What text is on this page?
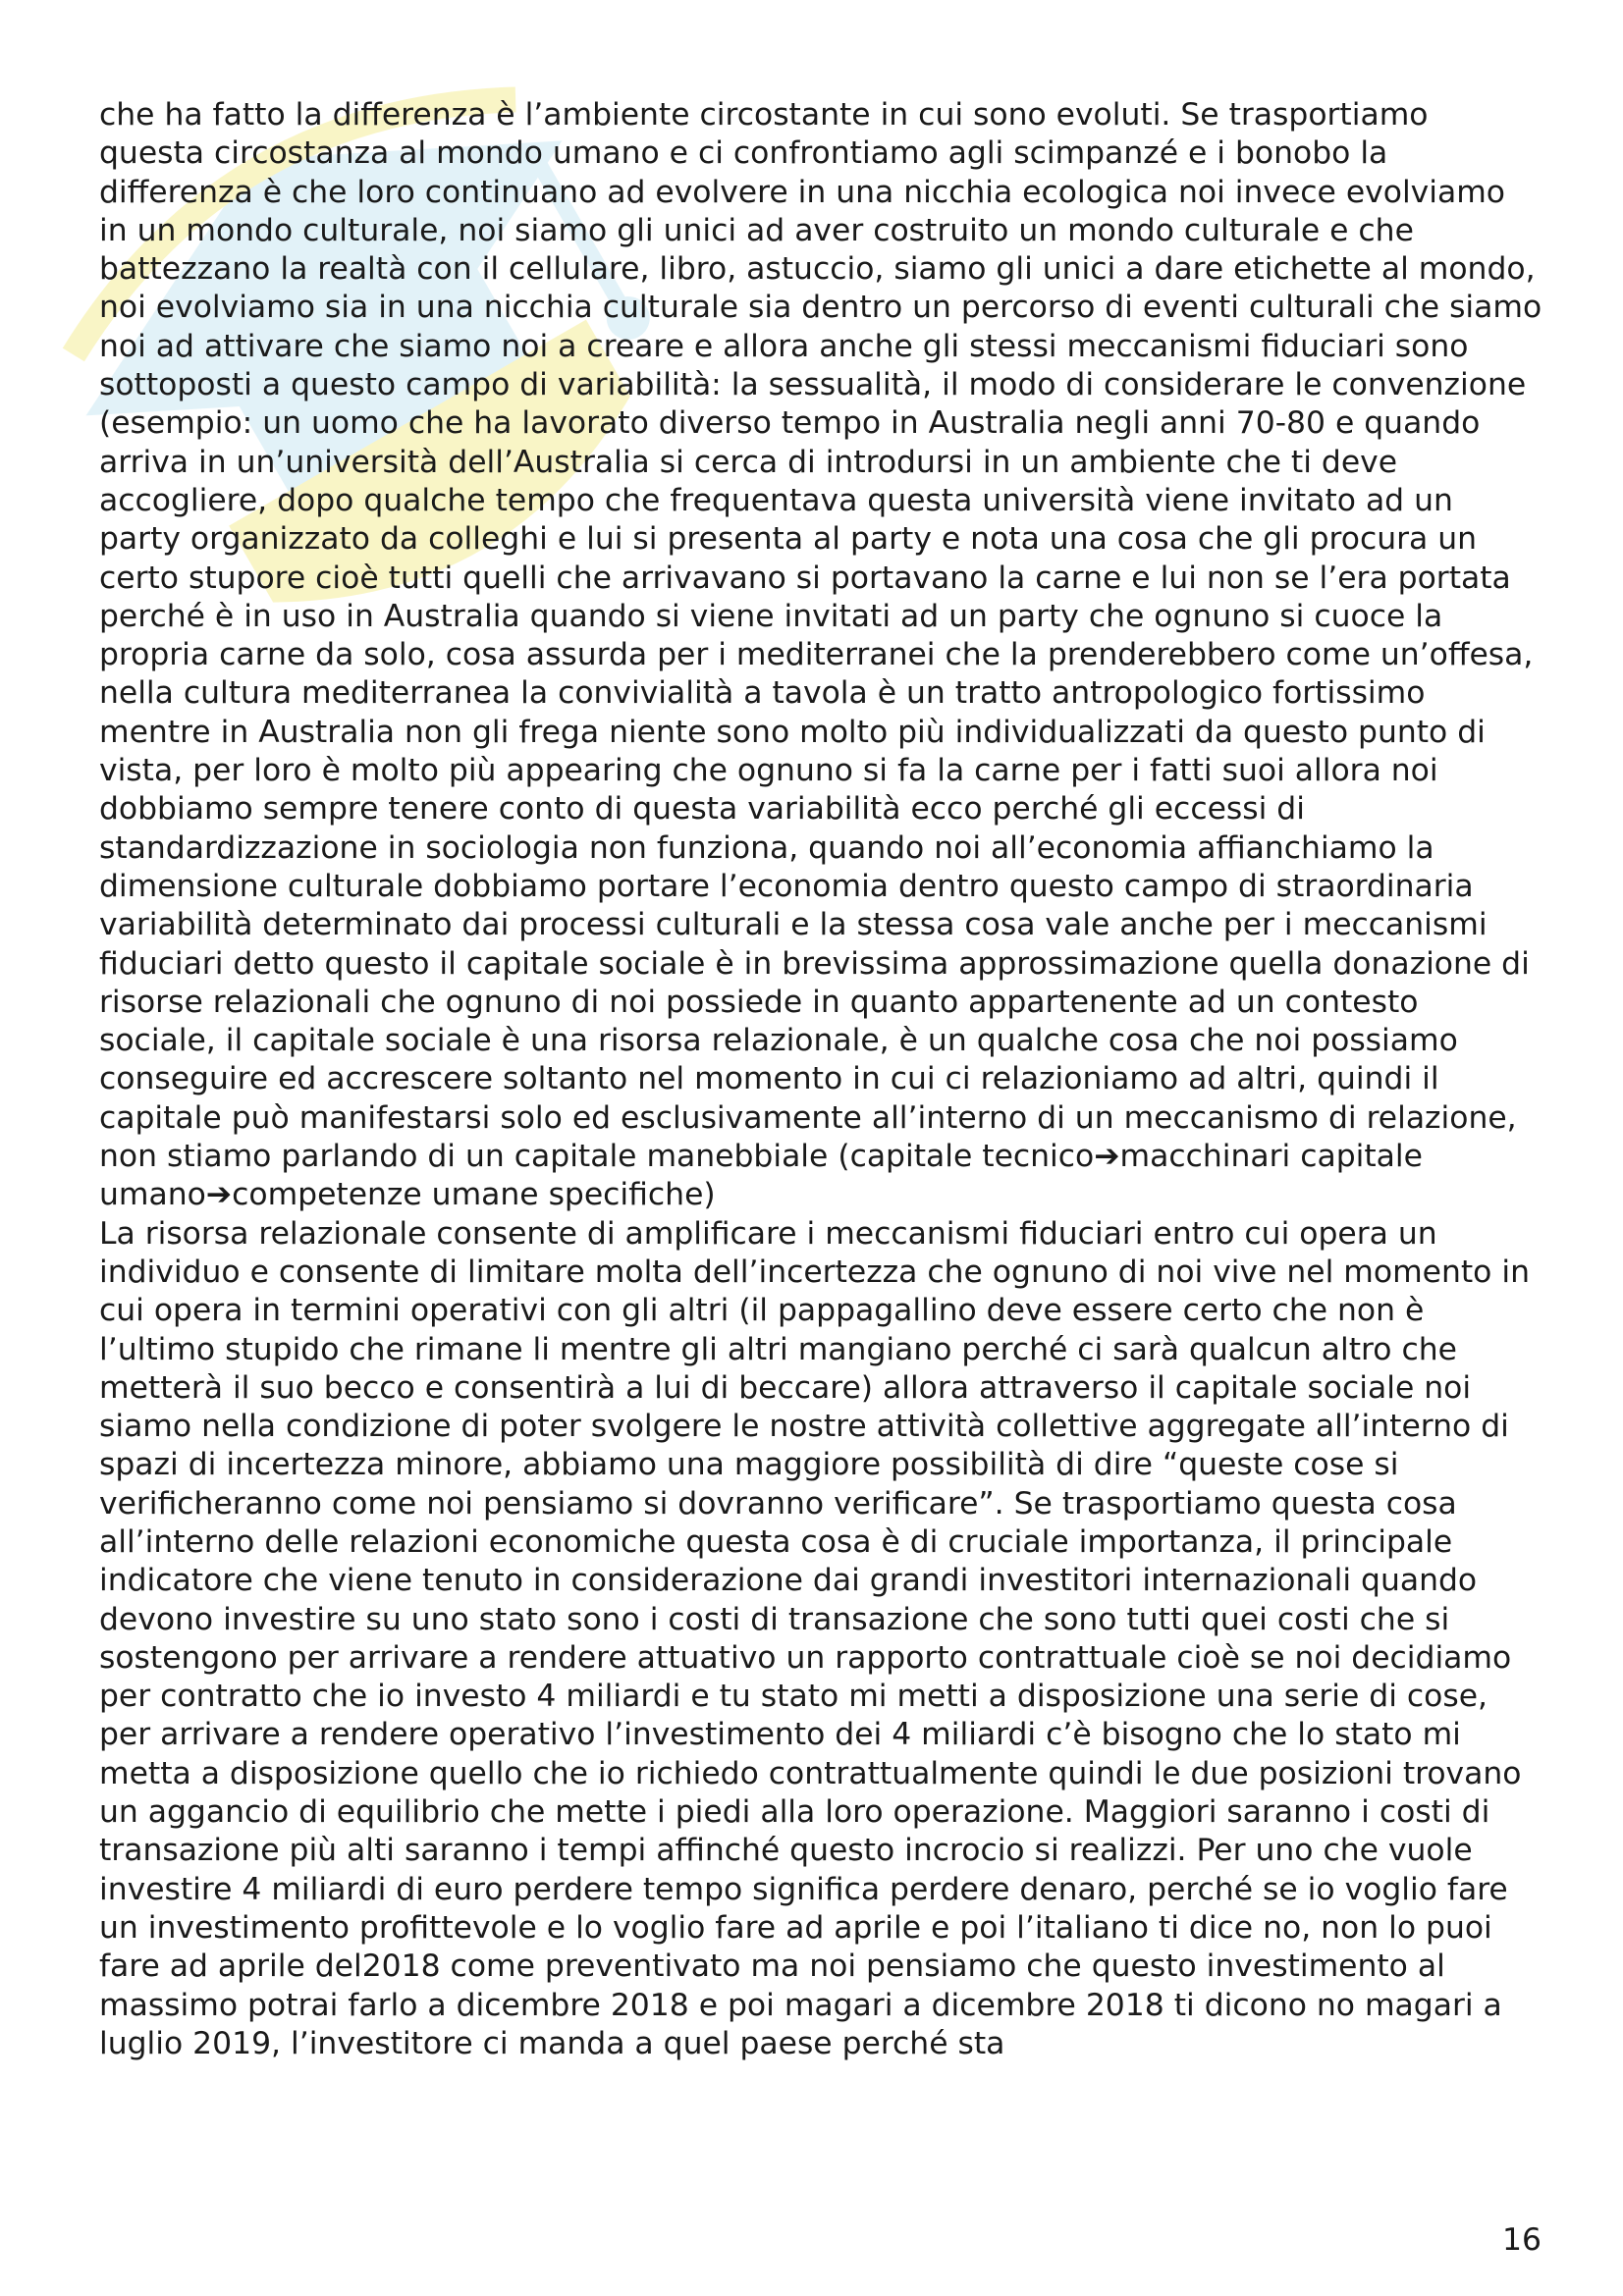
che ha fatto la differenza è l’ambiente circostante in cui sono evoluti. Se trasportiamo questa circostanza al mondo umano e ci confrontiamo agli scimpanzé e i bonobo la differenza è che loro continuano ad evolvere in una nicchia ecologica noi invece evolviamo in un mondo culturale, noi siamo gli unici ad aver costruito un mondo culturale e che battezzano la realtà con il cellulare, libro, astuccio, siamo gli unici a dare etichette al mondo, noi evolviamo sia in una nicchia culturale sia dentro un percorso di eventi culturali che siamo noi ad attivare che siamo noi a creare e allora anche gli stessi meccanismi fiduciari sono sottoposti a questo campo di variabilità: la sessualità, il modo di considerare le convenzione (esempio: un uomo che ha lavorato diverso tempo in Australia negli anni 70-80 e quando arriva in un’università dell’Australia si cerca di introdursi in un ambiente che ti deve accogliere, dopo qualche tempo che frequentava questa università viene invitato ad un party organizzato da colleghi e lui si presenta al party e nota una cosa che gli procura un certo stupore cioè tutti quelli che arrivavano si portavano la carne e lui non se l’era portata perché è in uso in Australia quando si viene invitati ad un party che ognuno si cuoce la propria carne da solo, cosa assurda per i mediterranei che la prenderebbero come un’offesa, nella cultura mediterranea la convivialità a tavola è un tratto antropologico fortissimo mentre in Australia non gli frega niente sono molto più individualizzati da questo punto di vista, per loro è molto più appearing che ognuno si fa la carne per i fatti suoi allora noi dobbiamo sempre tenere conto di questa variabilità ecco perché gli eccessi di standardizzazione in sociologia non funziona, quando noi all’economia affianchiamo la dimensione culturale dobbiamo portare l’economia dentro questo campo di straordinaria variabilità determinato dai processi culturali e la stessa cosa vale anche per i meccanismi fiduciari detto questo il capitale sociale è in brevissima approssimazione quella donazione di risorse relazionali che ognuno di noi possiede in quanto appartenente ad un contesto sociale, il capitale sociale è una risorsa relazionale, è un qualche cosa che noi possiamo conseguire ed accrescere soltanto nel momento in cui ci relazioniamo ad altri, quindi il capitale può manifestarsi solo ed esclusivamente all’interno di un meccanismo di relazione, non stiamo parlando di un capitale manebbiale (capitale tecnico➔macchinari capitale umano➔competenze umane specifiche)

La risorsa relazionale consente di amplificare i meccanismi fiduciari entro cui opera un individuo e consente di limitare molta dell’incertezza che ognuno di noi vive nel momento in cui opera in termini operativi con gli altri (il pappagallino deve essere certo che non è l’ultimo stupido che rimane li mentre gli altri mangiano perché ci sarà qualcun altro che metterà il suo becco e consentirà a lui di beccare) allora attraverso il capitale sociale noi siamo nella condizione di poter svolgere le nostre attività collettive aggregate all’interno di spazi di incertezza minore, abbiamo una maggiore possibilità di dire “queste cose si verificheranno come noi pensiamo si dovranno verificare”. Se trasportiamo questa cosa all’interno delle relazioni economiche questa cosa è di cruciale importanza, il principale indicatore che viene tenuto in considerazione dai grandi investitori internazionali quando devono investire su uno stato sono i costi di transazione che sono tutti quei costi che si sostengono per arrivare a rendere attuativo un rapporto contrattuale cioè se noi decidiamo per contratto che io investo 4 miliardi e tu stato mi metti a disposizione una serie di cose, per arrivare a rendere operativo l’investimento dei 4 miliardi c’è bisogno che lo stato mi metta a disposizione quello che io richiedo contrattualmente quindi le due posizioni trovano un aggancio di equilibrio che mette i piedi alla loro operazione. Maggiori saranno i costi di transazione più alti saranno i tempi affinché questo incrocio si realizzi. Per uno che vuole investire 4 miliardi di euro perdere tempo significa perdere denaro, perché se io voglio fare un investimento profittevole e lo voglio fare ad aprile e poi l’italiano ti dice no, non lo puoi fare ad aprile del2018 come preventivato ma noi pensiamo che questo investimento al massimo potrai farlo a dicembre 2018 e poi magari a dicembre 2018 ti dicono no magari a luglio 2019, l’investitore ci manda a quel paese perché sta

16
